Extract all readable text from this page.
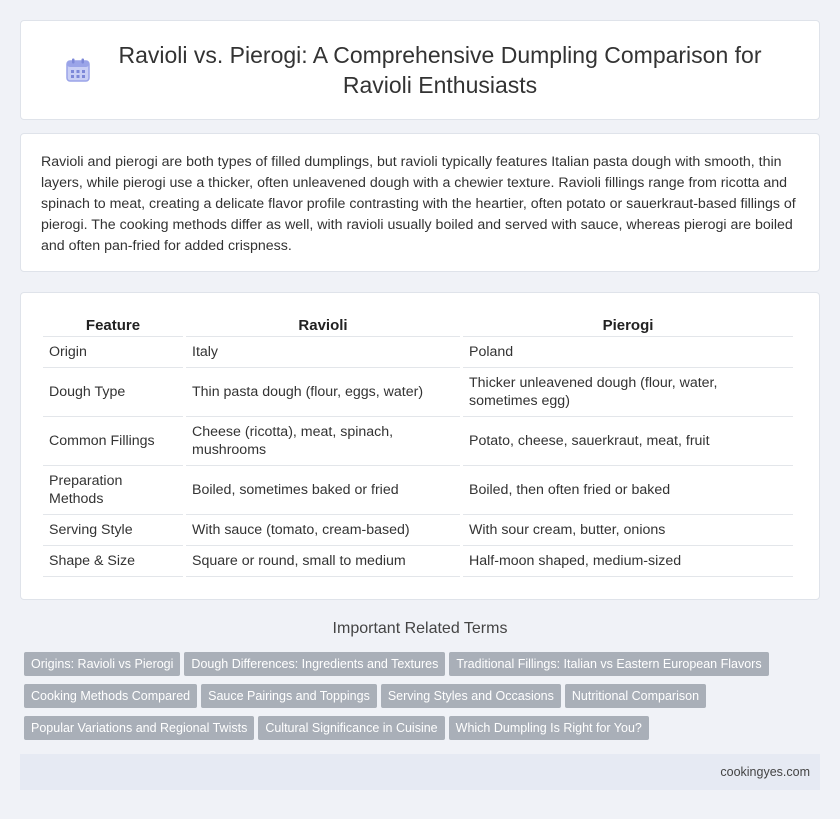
Ravioli vs. Pierogi: A Comprehensive Dumpling Comparison for Ravioli Enthusiasts

Ravioli and pierogi are both types of filled dumplings, but ravioli typically features Italian pasta dough with smooth, thin layers, while pierogi use a thicker, often unleavened dough with a chewier texture. Ravioli fillings range from ricotta and spinach to meat, creating a delicate flavor profile contrasting with the heartier, often potato or sauerkraut-based fillings of pierogi. The cooking methods differ as well, with ravioli usually boiled and served with sauce, whereas pierogi are boiled and often pan-fried for added crispness.

Feature	Ravioli	Pierogi
Origin	Italy	Poland
Dough Type	Thin pasta dough (flour, eggs, water)	Thicker unleavened dough (flour, water, sometimes egg)
Common Fillings	Cheese (ricotta), meat, spinach, mushrooms	Potato, cheese, sauerkraut, meat, fruit
Preparation Methods	Boiled, sometimes baked or fried	Boiled, then often fried or baked
Serving Style	With sauce (tomato, cream-based)	With sour cream, butter, onions
Shape & Size	Square or round, small to medium	Half-moon shaped, medium-sized
Important Related Terms
Origins: Ravioli vs Pierogi Dough Differences: Ingredients and Textures Traditional Fillings: Italian vs Eastern European Flavors
Cooking Methods Compared Sauce Pairings and Toppings Serving Styles and Occasions Nutritional Comparison
Popular Variations and Regional Twists Cultural Significance in Cuisine Which Dumpling Is Right for You?
cookingyes.com
